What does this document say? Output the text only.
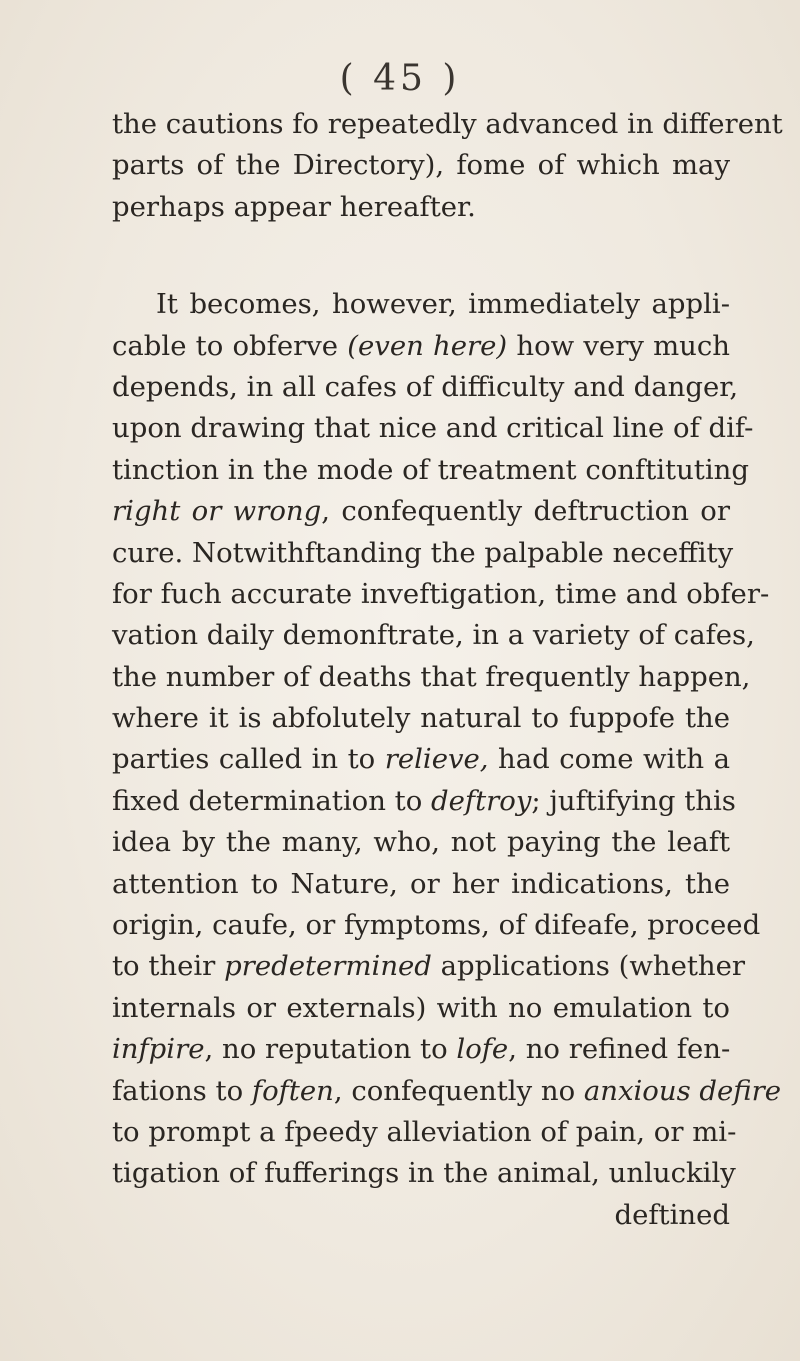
( 45 )
the cautions fo repeatedly advanced in different
parts of the Directory), fome of which may
perhaps appear hereafter.
It becomes, however, immediately appli-
cable to obferve (even here) how very much
depends, in all cafes of difficulty and danger,
upon drawing that nice and critical line of dif-
tinction in the mode of treatment conftituting
right or wrong, confequently deftruction or
cure. Notwithftanding the palpable neceffity
for fuch accurate inveftigation, time and obfer-
vation daily demonftrate, in a variety of cafes,
the number of deaths that frequently happen,
where it is abfolutely natural to fuppofe the
parties called in to relieve, had come with a
fixed determination to deftroy; juftifying this
idea by the many, who, not paying the leaft
attention to Nature, or her indications, the
origin, caufe, or fymptoms, of difeafe, proceed
to their predetermined applications (whether
internals or externals) with no emulation to
infpire, no reputation to lofe, no refined fen-
fations to foften, confequently no anxious defire
to prompt a fpeedy alleviation of pain, or mi-
tigation of fufferings in the animal, unluckily
deftined
